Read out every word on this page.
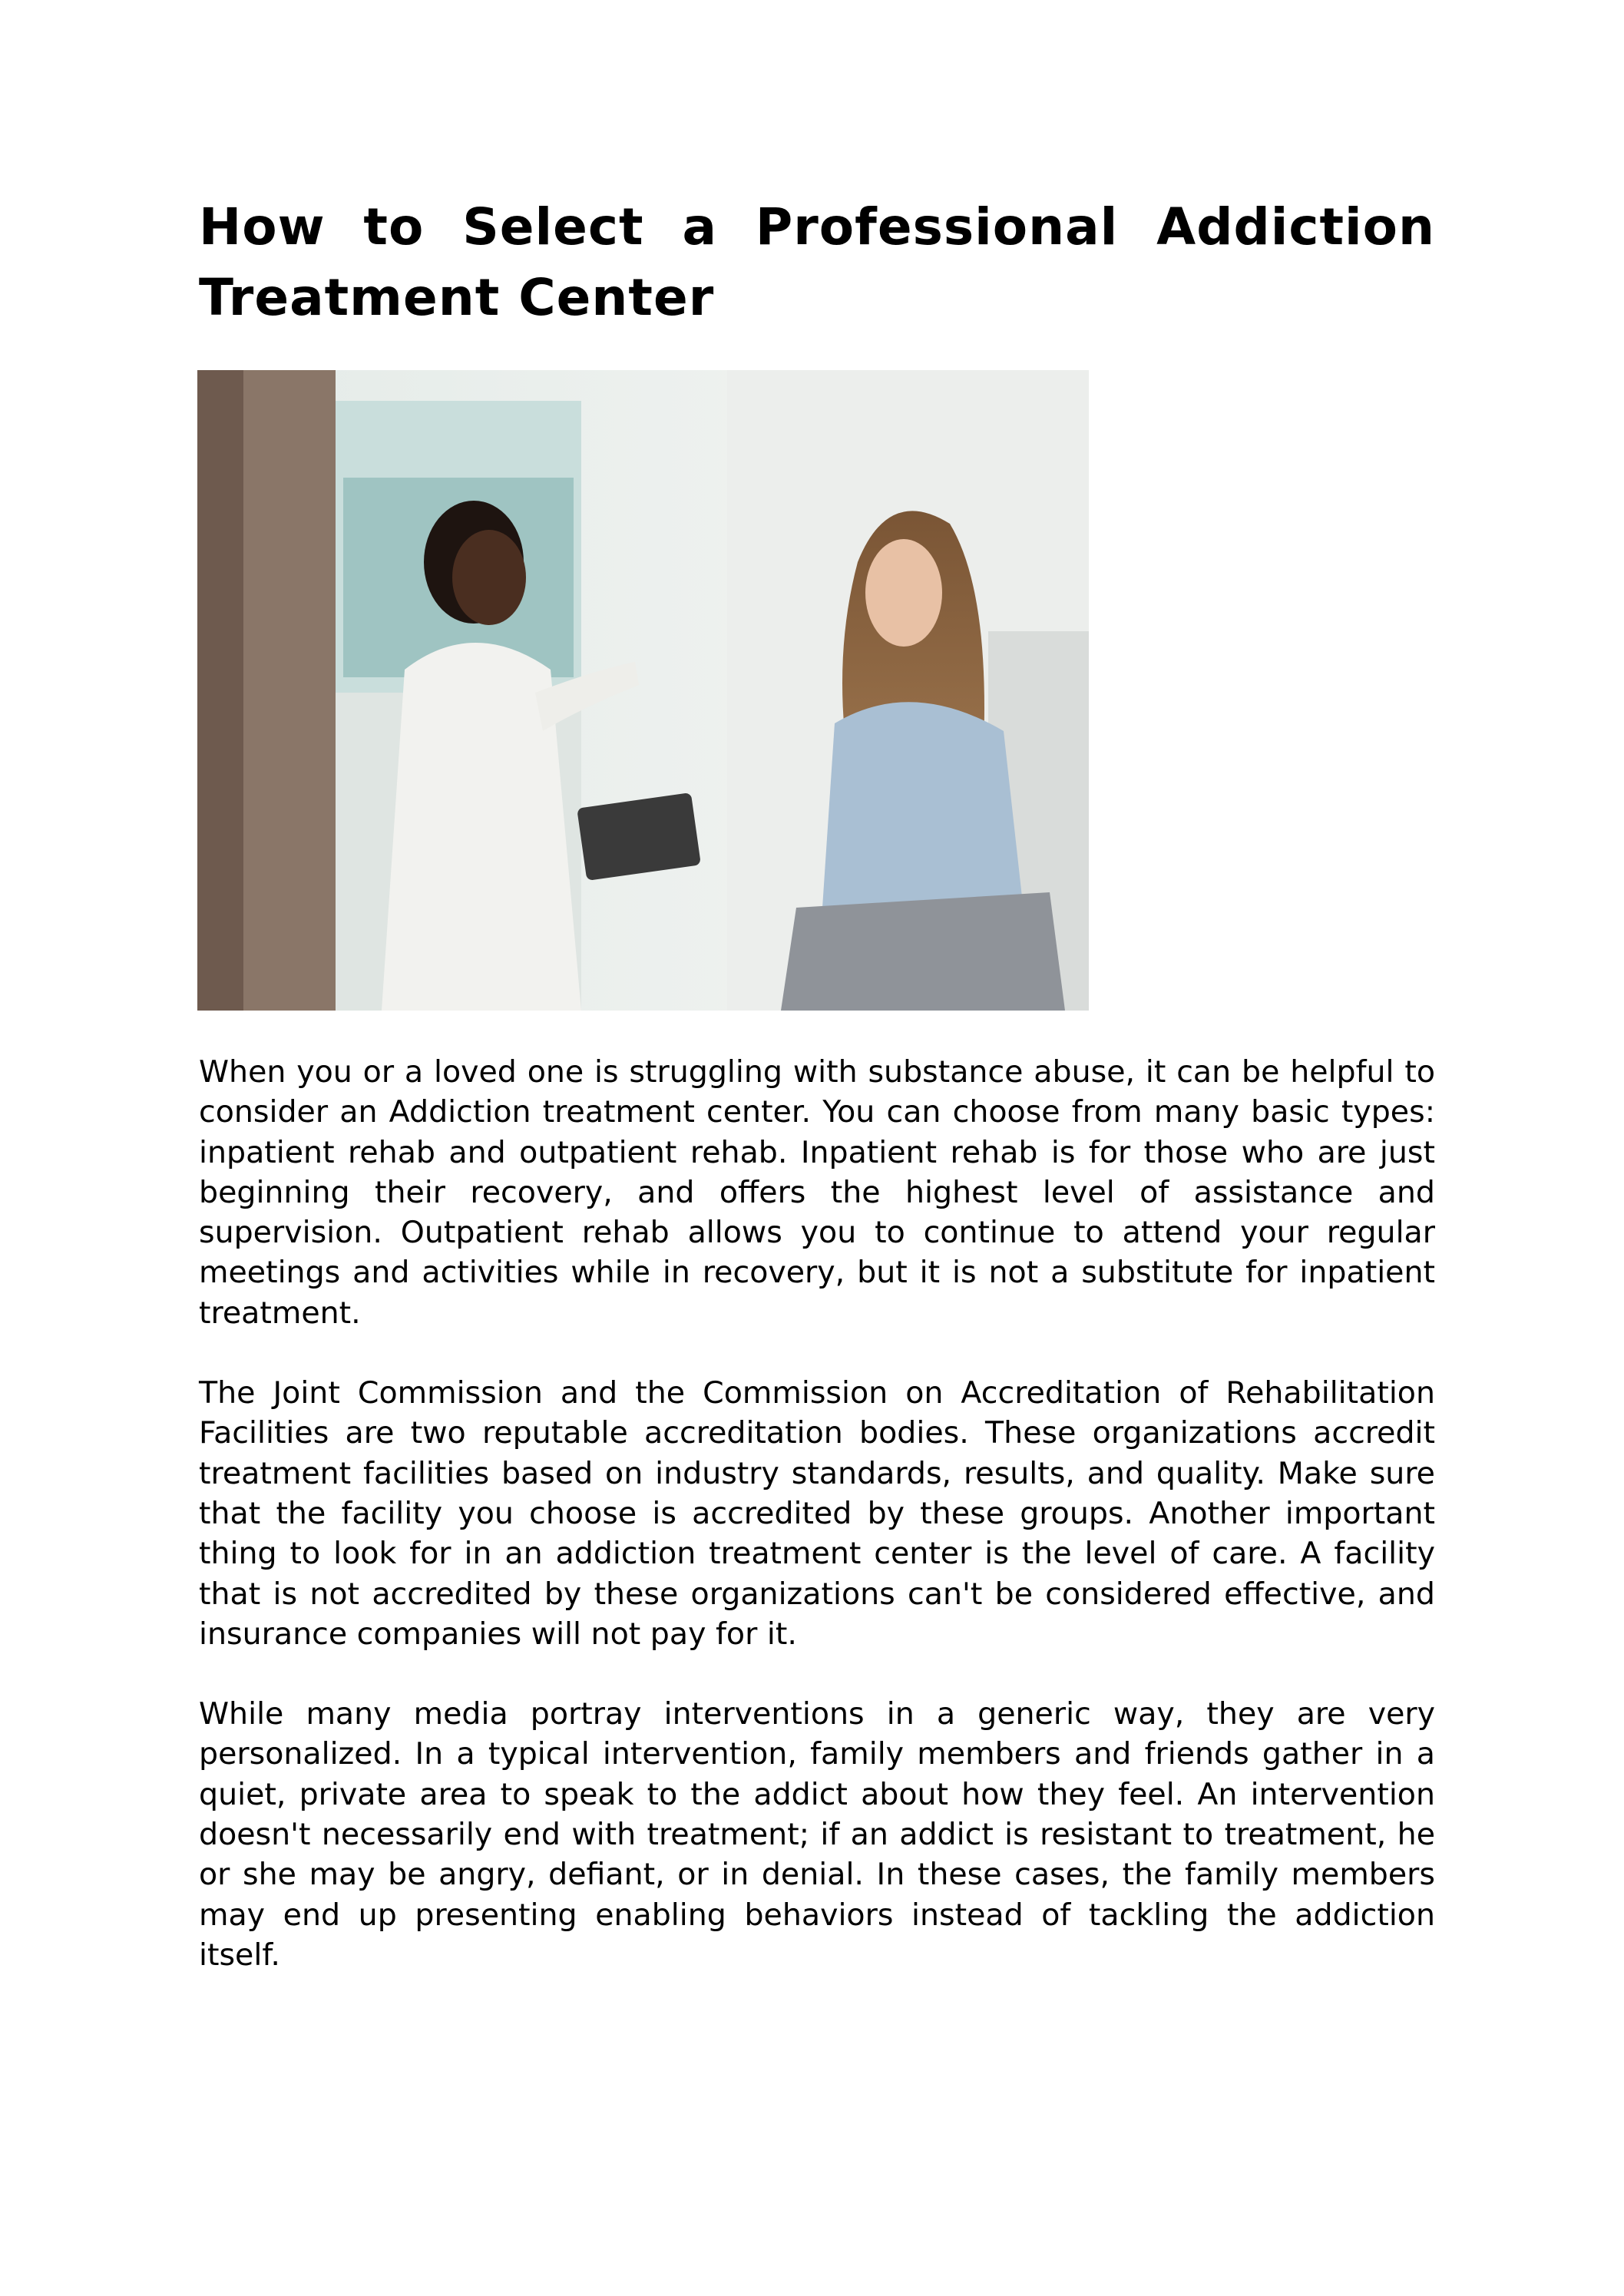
How to Select a Professional Addiction Treatment Center

When you or a loved one is struggling with substance abuse, it can be helpful to consider an Addiction treatment center. You can choose from many basic types: inpatient rehab and outpatient rehab. Inpatient rehab is for those who are just beginning their recovery, and offers the highest level of assistance and supervision. Outpatient rehab allows you to continue to attend your regular meetings and activities while in recovery, but it is not a substitute for inpatient treatment.

The Joint Commission and the Commission on Accreditation of Rehabilitation Facilities are two reputable accreditation bodies. These organizations accredit treatment facilities based on industry standards, results, and quality. Make sure that the facility you choose is accredited by these groups. Another important thing to look for in an addiction treatment center is the level of care. A facility that is not accredited by these organizations can't be considered effective, and insurance companies will not pay for it.

While many media portray interventions in a generic way, they are very personalized. In a typical intervention, family members and friends gather in a quiet, private area to speak to the addict about how they feel. An intervention doesn't necessarily end with treatment; if an addict is resistant to treatment, he or she may be angry, defiant, or in denial. In these cases, the family members may end up presenting enabling behaviors instead of tackling the addiction itself.
